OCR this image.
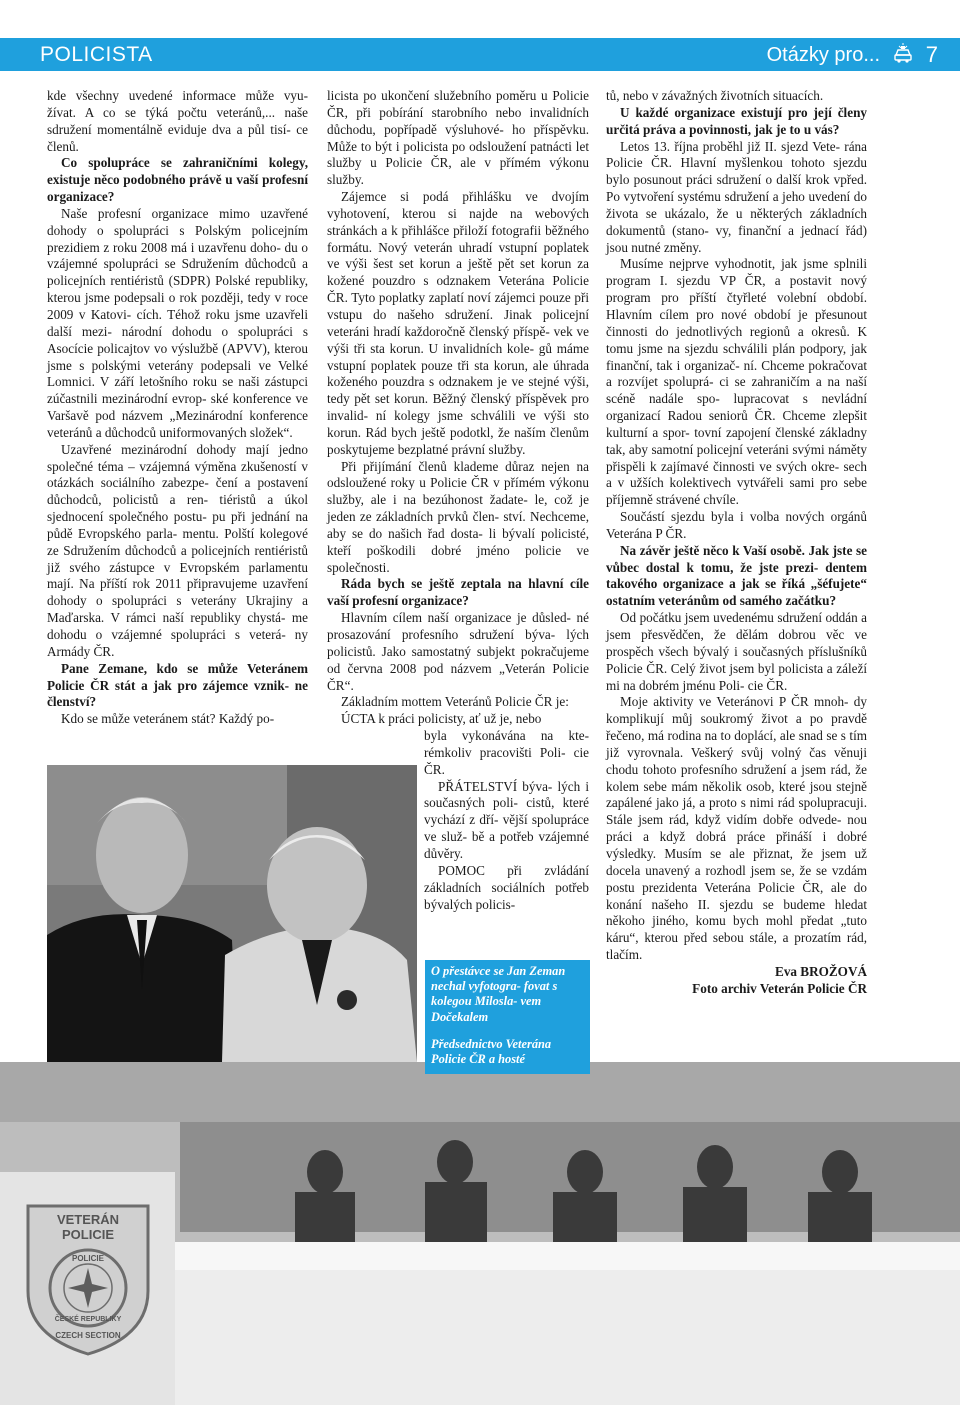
POLICISTA	Otázky pro... 7

kde všechny uvedené informace může vyu- žívat. A co se týká počtu veteránů,... naše sdružení momentálně eviduje dva a půl tisí- ce členů.

Co spolupráce se zahraničními kolegy, existuje něco podobného právě u vaší profesní organizace?

Naše profesní organizace mimo uzavřené dohody o spolupráci s Polským policejním prezidiem z roku 2008 má i uzavřenu doho- du o vzájemné spolupráci se Sdružením důchodců a policejních rentiéristů (SDPR) Polské republiky, kterou jsme podepsali o rok později, tedy v roce 2009 v Katovi- cích. Téhož roku jsme uzavřeli další mezi- národní dohodu o spolupráci s Asocície policajtov vo výslužbě (APVV), kterou jsme s polskými veterány podepsali ve Velké Lomnici. V září letošního roku se naši zástupci zúčastnili mezinárodní evrop- ské konference ve Varšavě pod názvem „Mezinárodní konference veteránů a důchodců uniformovaných složek“.

Uzavřené mezinárodní dohody mají jedno společné téma – vzájemná výměna zkušeností v otázkách sociálního zabezpe- čení a postavení důchodců, policistů a ren- tiéristů a úkol sjednocení společného postu- pu při jednání na půdě Evropského parla- mentu. Polští kolegové ze Sdružením důchodců a policejních rentiéristů již svého zástupce v Evropském parlamentu mají. Na příští rok 2011 připravujeme uzavření dohody o spolupráci s veterány Ukrajiny a Maďarska. V rámci naší republiky chystá- me dohodu o vzájemné spolupráci s veterá- ny Armády ČR.

Pane Zemane, kdo se může Veteránem Policie ČR stát a jak pro zájemce vznik- ne členství?

Kdo se může veteránem stát? Každý po-

licista po ukončení služebního poměru u Policie ČR, při pobírání starobního nebo invalidních důchodu, popřípadě výsluhové- ho příspěvku. Může to být i policista po odsloužení patnácti let služby u Policie ČR, ale v přímém výkonu služby.

Zájemce si podá přihlášku ve dvojím vyhotovení, kterou si najde na webových stránkách a k přihlášce přiloží fotografii běžného formátu. Nový veterán uhradí vstupní poplatek ve výši šest set korun a ještě pět set korun za kožené pouzdro s odznakem Veterána Policie ČR. Tyto poplatky zaplatí noví zájemci pouze při vstupu do našeho sdružení. Jinak policejní veteráni hradí každoročně členský příspě- vek ve výši tři sta korun. U invalidních kole- gů máme vstupní poplatek pouze tři sta korun, ale úhrada koženého pouzdra s odznakem je ve stejné výši, tedy pět set korun. Běžný členský příspěvek pro invalid- ní kolegy jsme schválili ve výši sto korun. Rád bych ještě podotkl, že naším členům poskytujeme bezplatné právní služby.

Při přijímání členů klademe důraz nejen na odsloužené roky u Policie ČR v přímém výkonu služby, ale i na bezúhonost žadate- le, což je jeden ze základních prvků člen- ství. Nechceme, aby se do našich řad dosta- li bývalí policisté, kteří poškodili dobré jméno policie ve společnosti.

Ráda bych se ještě zeptala na hlavní cíle vaší profesní organizace?

Hlavním cílem naší organizace je důsled- né prosazování profesního sdružení býva- lých policistů. Jako samostatný subjekt pokračujeme od června 2008 pod názvem „Veterán Policie ČR“.

Základním mottem Veteránů Policie ČR je:

ÚCTA k práci policisty, ať už je, nebo

byla vykonávána na kte- rémkoliv pracovišti Poli- cie ČR.

PŘÁTELSTVÍ býva- lých i současných poli- cistů, které vychází z dří- vější spolupráce ve služ- bě a potřeb vzájemné důvěry.

POMOC při zvládání základních sociálních potřeb bývalých policis-

tů, nebo v závažných životních situacích.

U každé organizace existují pro její členy určitá práva a povinnosti, jak je to u vás?

Letos 13. října proběhl již II. sjezd Vete- rána Policie ČR. Hlavní myšlenkou tohoto sjezdu bylo posunout práci sdružení o další krok vpřed. Po vytvoření systému sdružení a jeho uvedení do života se ukázalo, že u některých základních dokumentů (stano- vy, finanční a jednací řád) jsou nutné změny.

Musíme nejprve vyhodnotit, jak jsme splnili program I. sjezdu VP ČR, a postavit nový program pro příští čtyřleté volební období. Hlavním cílem pro nové období je přesunout činnosti do jednotlivých regionů a okresů. K tomu jsme na sjezdu schválili plán podpory, jak finanční, tak i organizač- ní. Chceme pokračovat a rozvíjet spoluprá- ci se zahraničím a na naší scéně nadále spo- lupracovat s nevládní organizací Radou seniorů ČR. Chceme zlepšit kulturní a spor- tovní zapojení členské základny tak, aby samotní policejní veteráni svými náměty přispěli k zajímavé činnosti ve svých okre- sech a v užších kolektivech vytvářeli sami pro sebe příjemně strávené chvíle.

Součástí sjezdu byla i volba nových orgánů Veterána P ČR.

Na závěr ještě něco k Vaší osobě. Jak jste se vůbec dostal k tomu, že jste prezi- dentem takového organizace a jak se říká „šéfujete“ ostatním veteránům od samého začátku?

Od počátku jsem uvedenému sdružení oddán a jsem přesvědčen, že dělám dobrou věc ve prospěch všech bývalý i současných příslušníků Policie ČR. Celý život jsem byl policista a záleží mi na dobrém jménu Poli- cie ČR.

Moje aktivity ve Veteránovi P ČR mnoh- dy komplikují můj soukromý život a po pravdě řečeno, má rodina na to doplácí, ale snad se s tím již vyrovnala. Veškerý svůj volný čas věnuji chodu tohoto profesního sdružení a jsem rád, že kolem sebe mám několik osob, které jsou stejně zapálené jako já, a proto s nimi rád spolupracuji. Stále jsem rád, když vidím dobře odvede- nou práci a když dobrá práce přináší i dobré výsledky. Musím se ale přiznat, že jsem už docela unavený a rozhodl jsem se, že se vzdám postu prezidenta Veterána Policie ČR, ale do konání našeho II. sjezdu se budeme hledat někoho jiného, komu bych mohl předat „tuto káru“, kterou před sebou stále, a prozatím rád, tlačím.

Eva BROŽOVÁ

Foto archiv Veterán Policie ČR

VETERÁN
POLICIE
POLICIE
ČESKÉ REPUBLIKY
CZECH SECTION

O přestávce se Jan Zeman nechal vyfotogra- fovat s kolegou Milosla- vem Dočekalem

Předsednictvo Veterána Policie ČR a hosté
